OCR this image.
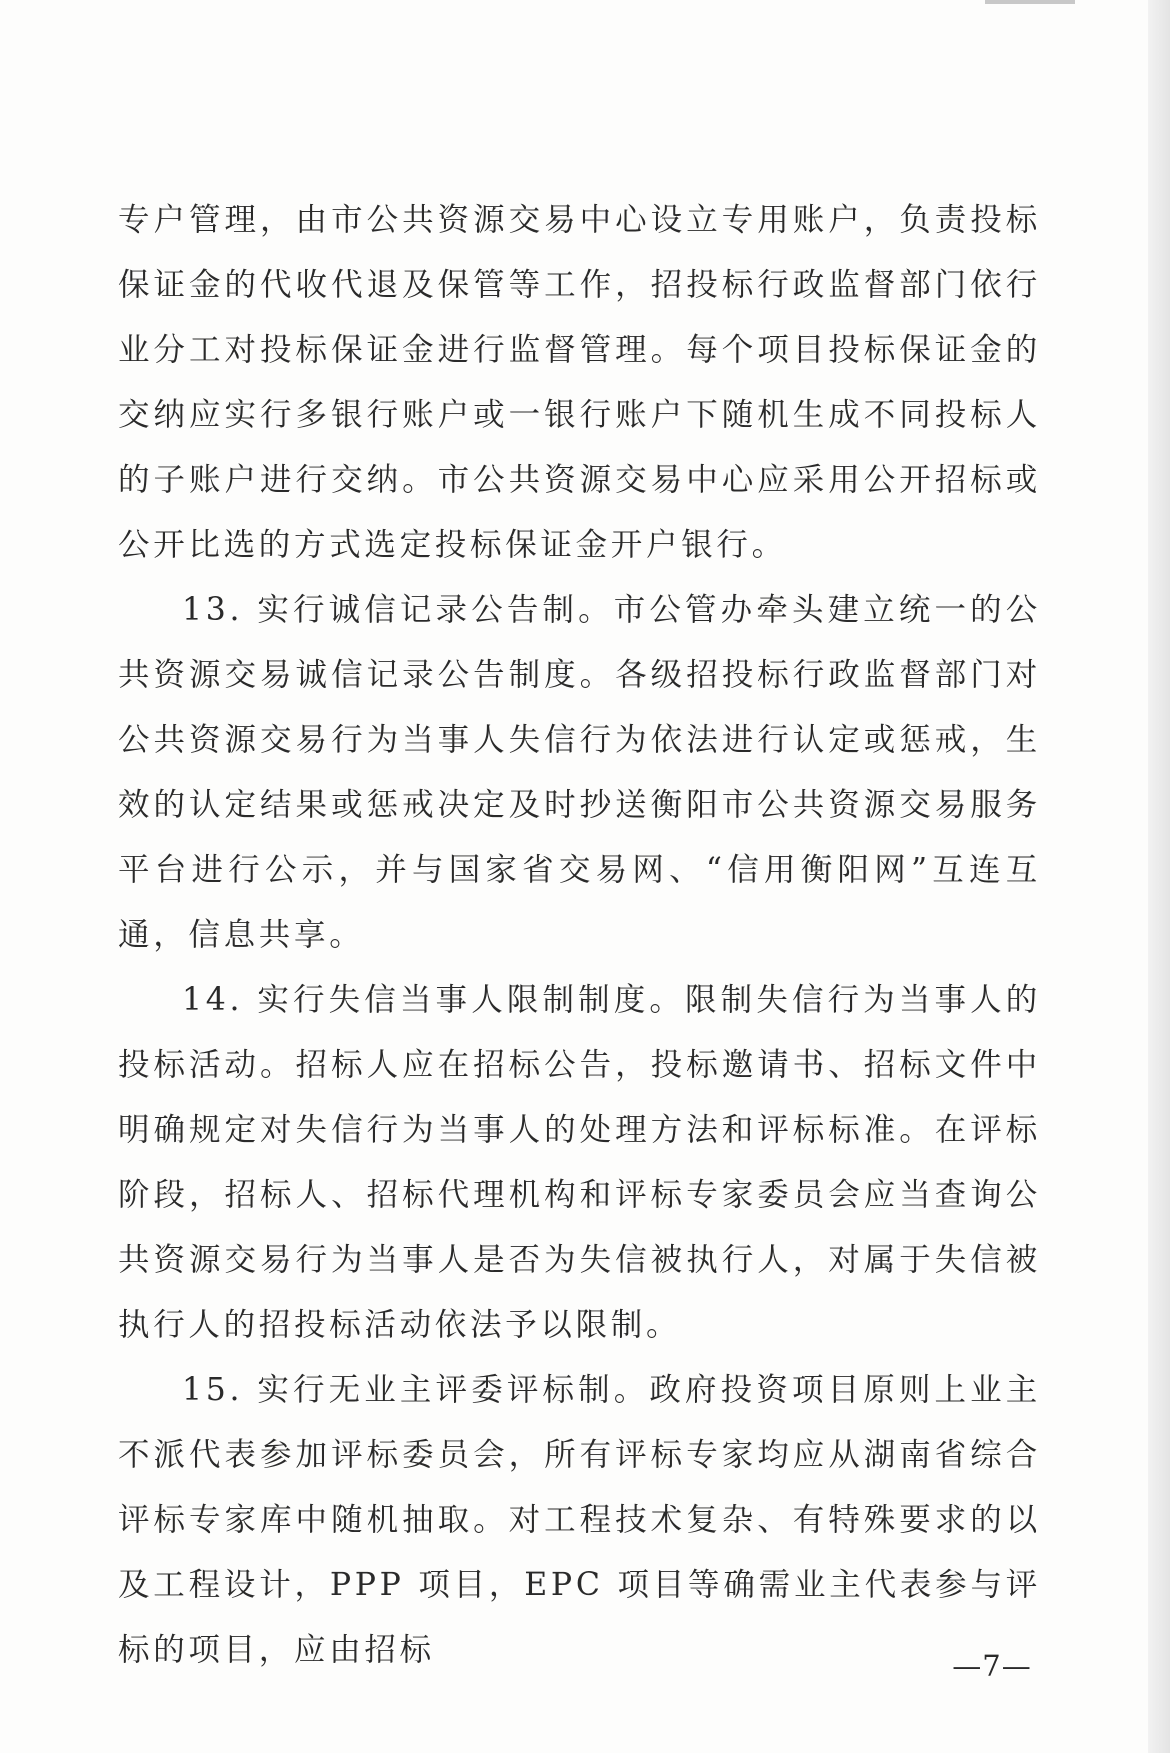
专户管理，由市公共资源交易中心设立专用账户，负责投标保证金的代收代退及保管等工作，招投标行政监督部门依行业分工对投标保证金进行监督管理。每个项目投标保证金的交纳应实行多银行账户或一银行账户下随机生成不同投标人的子账户进行交纳。市公共资源交易中心应采用公开招标或公开比选的方式选定投标保证金开户银行。

13. 实行诚信记录公告制。市公管办牵头建立统一的公共资源交易诚信记录公告制度。各级招投标行政监督部门对公共资源交易行为当事人失信行为依法进行认定或惩戒，生效的认定结果或惩戒决定及时抄送衡阳市公共资源交易服务平台进行公示，并与国家省交易网、“信用衡阳网”互连互通，信息共享。

14. 实行失信当事人限制制度。限制失信行为当事人的投标活动。招标人应在招标公告，投标邀请书、招标文件中明确规定对失信行为当事人的处理方法和评标标准。在评标阶段，招标人、招标代理机构和评标专家委员会应当查询公共资源交易行为当事人是否为失信被执行人，对属于失信被执行人的招投标活动依法予以限制。

15. 实行无业主评委评标制。政府投资项目原则上业主不派代表参加评标委员会，所有评标专家均应从湖南省综合评标专家库中随机抽取。对工程技术复杂、有特殊要求的以及工程设计，PPP 项目，EPC 项目等确需业主代表参与评标的项目，应由招标	—7—
